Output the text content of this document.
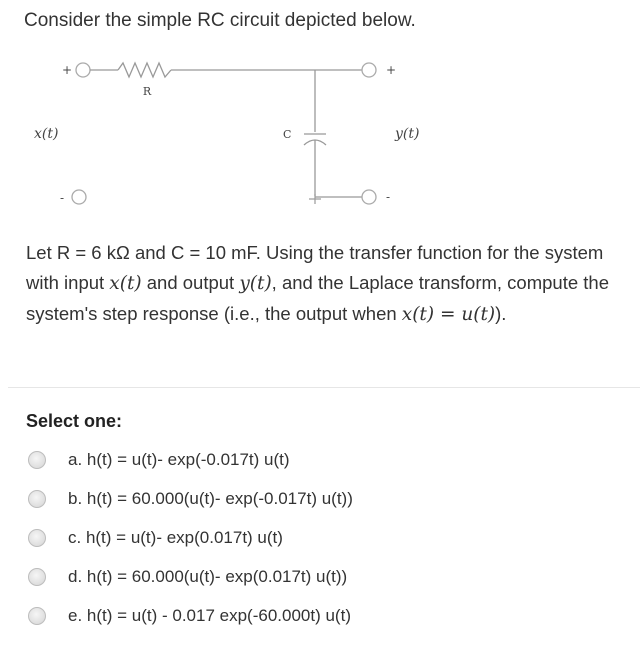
Consider the simple RC circuit depicted below.
+
R
+
C
x(t)	y(t)
-	-
Let R = 6 kΩ and C = 10 mF. Using the transfer function for the system with input x(t) and output y(t), and the Laplace transform, compute the system's step response (i.e., the output when x(t) = u(t)).
Select one:
a. h(t) = u(t)- exp(-0.017t) u(t)
b. h(t) = 60.000(u(t)- exp(-0.017t) u(t))
c. h(t) = u(t)- exp(0.017t) u(t)
d. h(t) = 60.000(u(t)- exp(0.017t) u(t))
e. h(t) = u(t) - 0.017 exp(-60.000t) u(t)
